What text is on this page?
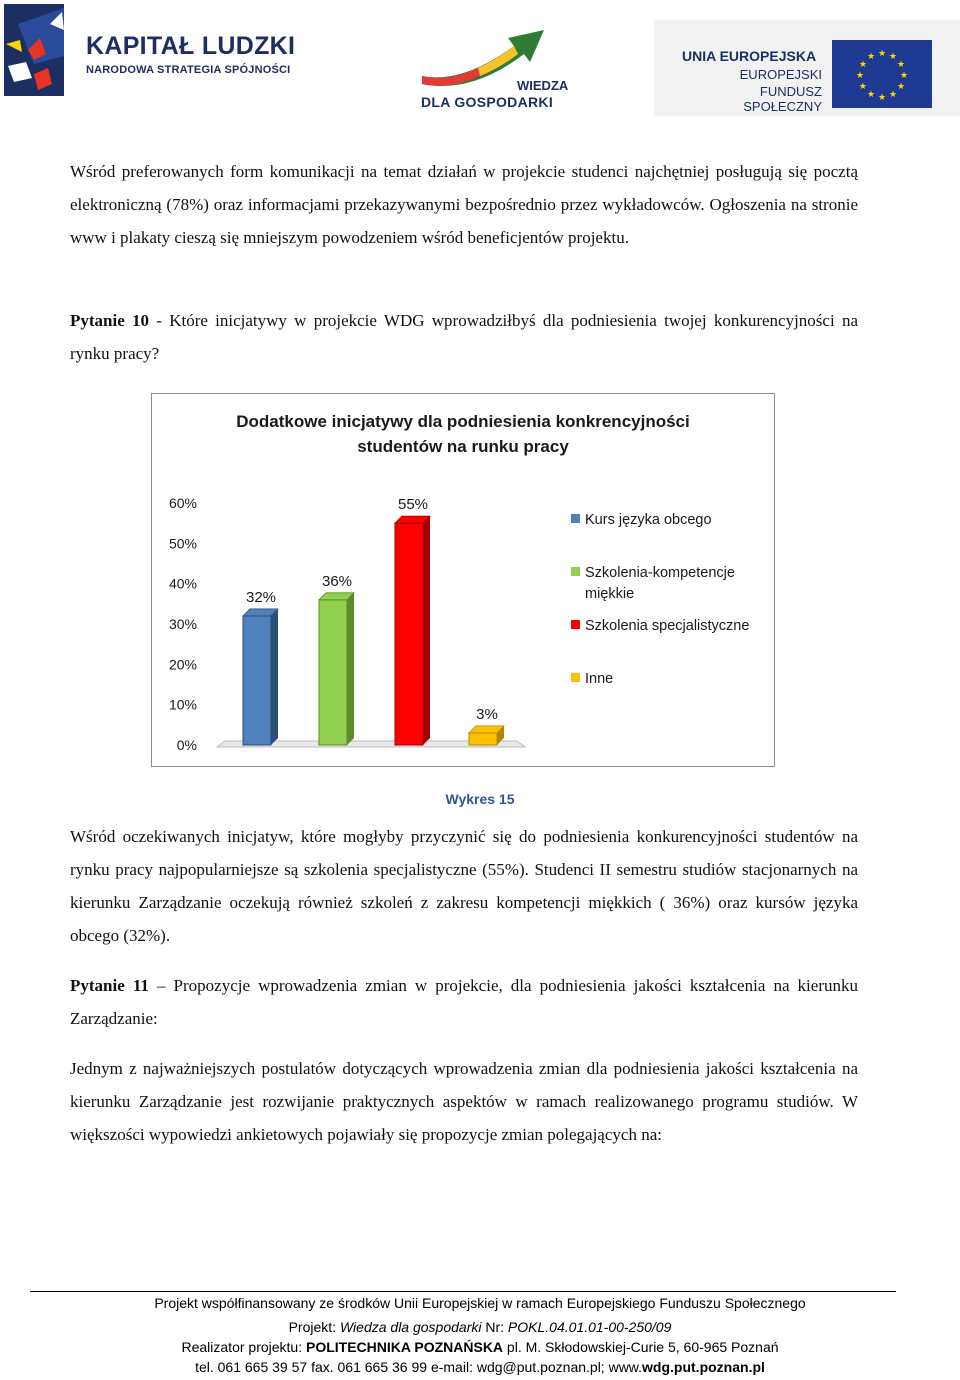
KAPITAŁ LUDZKI
NARODOWA STRATEGIA SPÓJNOŚCI
WIEDZA
DLA GOSPODARKI
UNIA EUROPEJSKA
EUROPEJSKI
FUNDUSZ SPOŁECZNY
★
★
★
★
★
★
★
★
★ ★ ★
★

Wśród preferowanych form komunikacji na temat działań w projekcie studenci najchętniej posługują się pocztą elektroniczną (78%) oraz informacjami przekazywanymi bezpośrednio przez wykładowców. Ogłoszenia na stronie www i plakaty cieszą się mniejszym powodzeniem wśród beneficjentów projektu.

Pytanie 10 - Które inicjatywy w projekcie WDG wprowadziłbyś dla podniesienia twojej konkurencyjności na rynku pracy?

Dodatkowe inicjatywy dla podniesienia konkrencyjności
studentów na runku pracy
0%
10%
20%
30%
40%
50%
60%
32%
36%
55%
3%
Kurs języka obcego
Szkolenia-kompetencje
miękkie
Szkolenia specjalistyczne
Inne
Wykres 15

Wśród oczekiwanych inicjatyw, które mogłyby przyczynić się do podniesienia konkurencyjności studentów na rynku pracy najpopularniejsze są szkolenia specjalistyczne (55%). Studenci II semestru studiów stacjonarnych na kierunku Zarządzanie oczekują również szkoleń z zakresu kompetencji miękkich ( 36%) oraz kursów języka obcego (32%).

Pytanie 11 – Propozycje wprowadzenia zmian w projekcie, dla podniesienia jakości kształcenia na kierunku Zarządzanie:

Jednym z najważniejszych postulatów dotyczących wprowadzenia zmian dla podniesienia jakości kształcenia na kierunku Zarządzanie jest rozwijanie praktycznych aspektów w ramach realizowanego programu studiów. W większości wypowiedzi ankietowych pojawiały się propozycje zmian polegających na:

Projekt współfinansowany ze środków Unii Europejskiej w ramach Europejskiego Funduszu Społecznego
Projekt: Wiedza dla gospodarki Nr: POKL.04.01.01-00-250/09
Realizator projektu: POLITECHNIKA POZNAŃSKA pl. M. Skłodowskiej-Curie 5, 60-965 Poznań
tel. 061 665 39 57 fax. 061 665 36 99 e-mail: wdg@put.poznan.pl; www.wdg.put.poznan.pl
